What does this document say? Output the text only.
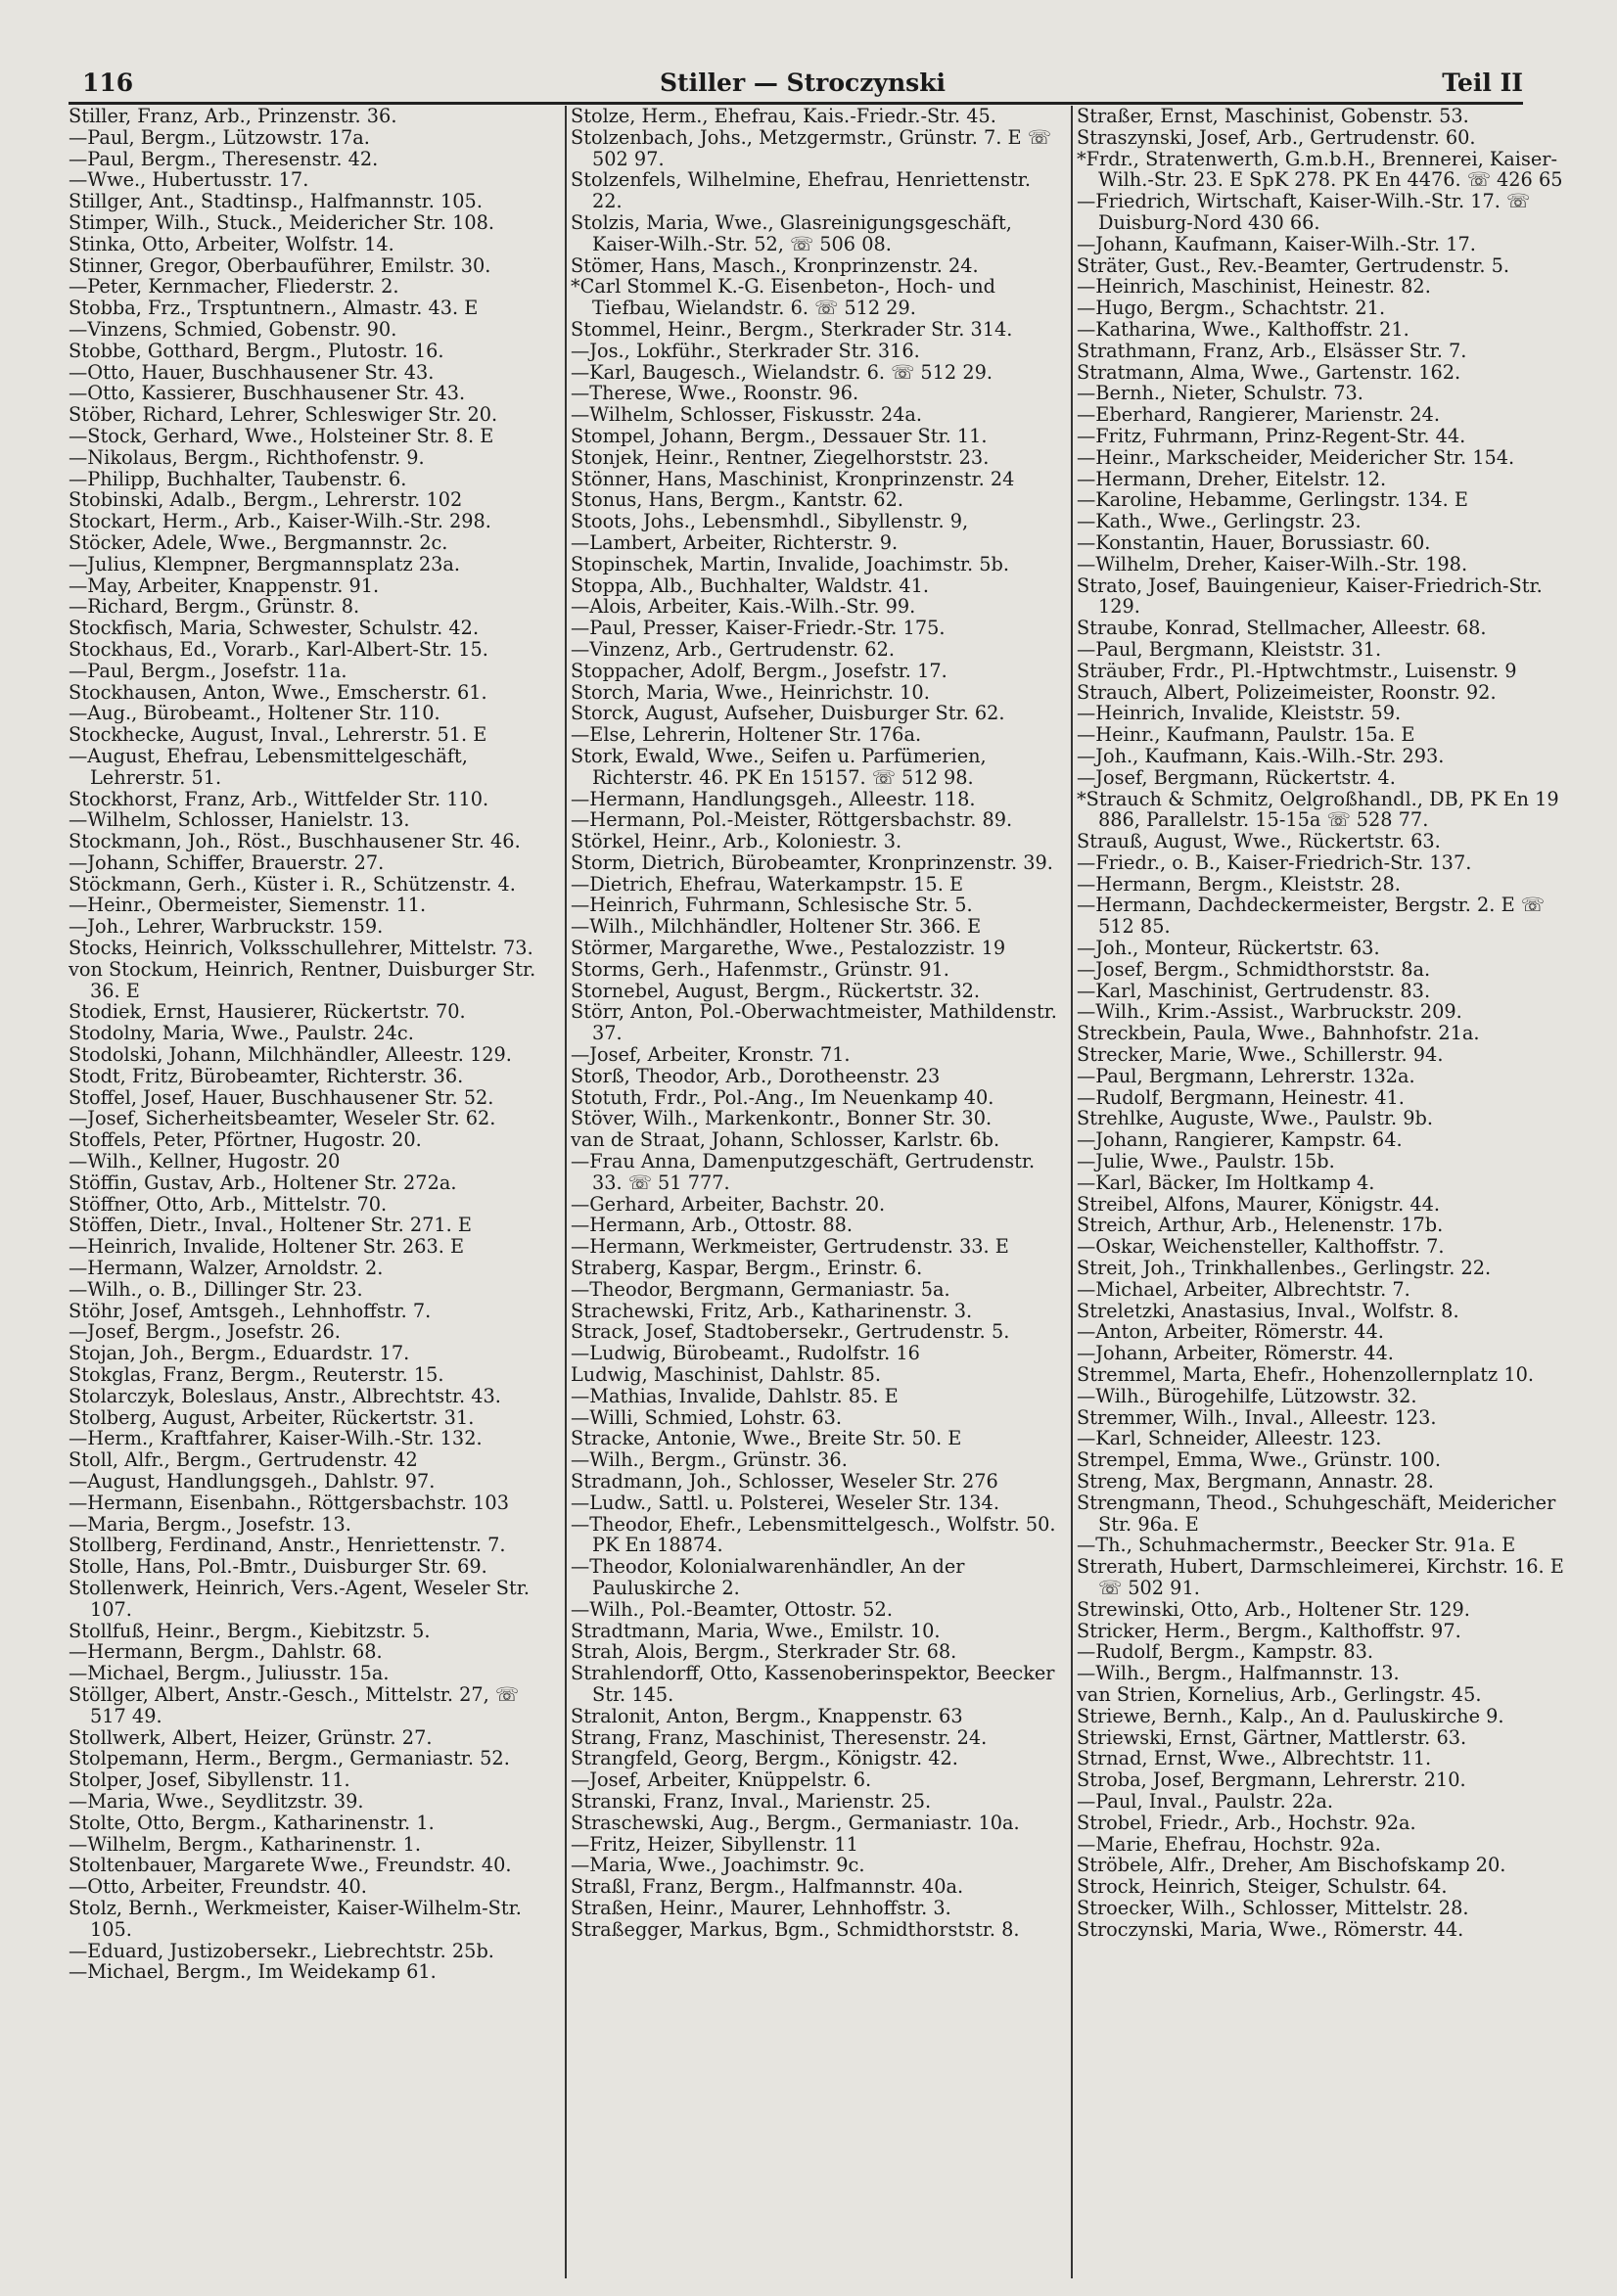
116	Stiller — Stroczynski	Teil II
Stiller, Franz, Arb., Prinzenstr. 36.
—Paul, Bergm., Lützowstr. 17a.
—Paul, Bergm., Theresenstr. 42.
—Wwe., Hubertusstr. 17.
Stillger, Ant., Stadtinsp., Halfmannstr. 105.
Stimper, Wilh., Stuck., Meidericher Str. 108.
Stinka, Otto, Arbeiter, Wolfstr. 14.
Stinner, Gregor, Oberbauführer, Emilstr. 30.
—Peter, Kernmacher, Fliederstr. 2.
Stobba, Frz., Trsptuntnern., Almastr. 43. E
—Vinzens, Schmied, Gobenstr. 90.
Stobbe, Gotthard, Bergm., Plutostr. 16.
—Otto, Hauer, Buschhausener Str. 43.
—Otto, Kassierer, Buschhausener Str. 43.
Stöber, Richard, Lehrer, Schleswiger Str. 20.
—Stock, Gerhard, Wwe., Holsteiner Str. 8. E
—Nikolaus, Bergm., Richthofenstr. 9.
—Philipp, Buchhalter, Taubenstr. 6.
Stobinski, Adalb., Bergm., Lehrerstr. 102
Stockart, Herm., Arb., Kaiser-Wilh.-Str. 298.
Stöcker, Adele, Wwe., Bergmannstr. 2c.
—Julius, Klempner, Bergmannsplatz 23a.
—May, Arbeiter, Knappenstr. 91.
—Richard, Bergm., Grünstr. 8.
Stockfisch, Maria, Schwester, Schulstr. 42.
Stockhaus, Ed., Vorarb., Karl-Albert-Str. 15.
—Paul, Bergm., Josefstr. 11a.
Stockhausen, Anton, Wwe., Emscherstr. 61.
—Aug., Bürobeamt., Holtener Str. 110.
Stockhecke, August, Inval., Lehrerstr. 51. E
—August, Ehefrau, Lebensmittelgeschäft, Lehrerstr. 51.
Stockhorst, Franz, Arb., Wittfelder Str. 110.
—Wilhelm, Schlosser, Hanielstr. 13.
Stockmann, Joh., Röst., Buschhausener Str. 46.
—Johann, Schiffer, Brauerstr. 27.
Stöckmann, Gerh., Küster i. R., Schützenstr. 4.
—Heinr., Obermeister, Siemenstr. 11.
—Joh., Lehrer, Warbruckstr. 159.
Stocks, Heinrich, Volksschullehrer, Mittelstr. 73.
von Stockum, Heinrich, Rentner, Duisburger Str. 36. E
Stodiek, Ernst, Hausierer, Rückertstr. 70.
Stodolny, Maria, Wwe., Paulstr. 24c.
Stodolski, Johann, Milchhändler, Alleestr. 129.
Stodt, Fritz, Bürobeamter, Richterstr. 36.
Stoffel, Josef, Hauer, Buschhausener Str. 52.
—Josef, Sicherheitsbeamter, Weseler Str. 62.
Stoffels, Peter, Pförtner, Hugostr. 20.
—Wilh., Kellner, Hugostr. 20
Stöffin, Gustav, Arb., Holtener Str. 272a.
Stöffner, Otto, Arb., Mittelstr. 70.
Stöffen, Dietr., Inval., Holtener Str. 271. E
—Heinrich, Invalide, Holtener Str. 263. E
—Hermann, Walzer, Arnoldstr. 2.
—Wilh., o. B., Dillinger Str. 23.
Stöhr, Josef, Amtsgeh., Lehnhoffstr. 7.
—Josef, Bergm., Josefstr. 26.
Stojan, Joh., Bergm., Eduardstr. 17.
Stokglas, Franz, Bergm., Reuterstr. 15.
Stolarczyk, Boleslaus, Anstr., Albrechtstr. 43.
Stolberg, August, Arbeiter, Rückertstr. 31.
—Herm., Kraftfahrer, Kaiser-Wilh.-Str. 132.
Stoll, Alfr., Bergm., Gertrudenstr. 42
—August, Handlungsgeh., Dahlstr. 97.
—Hermann, Eisenbahn., Röttgersbachstr. 103
—Maria, Bergm., Josefstr. 13.
Stollberg, Ferdinand, Anstr., Henriettenstr. 7.
Stolle, Hans, Pol.-Bmtr., Duisburger Str. 69.
Stollenwerk, Heinrich, Vers.-Agent, Weseler Str. 107.
Stollfuß, Heinr., Bergm., Kiebitzstr. 5.
—Hermann, Bergm., Dahlstr. 68.
—Michael, Bergm., Juliusstr. 15a.
Stöllger, Albert, Anstr.-Gesch., Mittelstr. 27, ☏ 517 49.
Stollwerk, Albert, Heizer, Grünstr. 27.
Stolpemann, Herm., Bergm., Germaniastr. 52.
Stolper, Josef, Sibyllenstr. 11.
—Maria, Wwe., Seydlitzstr. 39.
Stolte, Otto, Bergm., Katharinenstr. 1.
—Wilhelm, Bergm., Katharinenstr. 1.
Stoltenbauer, Margarete Wwe., Freundstr. 40.
—Otto, Arbeiter, Freundstr. 40.
Stolz, Bernh., Werkmeister, Kaiser-Wilhelm-Str. 105.
—Eduard, Justizobersekr., Liebrechtstr. 25b.
—Michael, Bergm., Im Weidekamp 61.
Stolze, Herm., Ehefrau, Kais.-Friedr.-Str. 45.
Stolzenbach, Johs., Metzgermstr., Grünstr. 7. E ☏ 502 97.
Stolzenfels, Wilhelmine, Ehefrau, Henriettenstr. 22.
Stolzis, Maria, Wwe., Glasreinigungsgeschäft, Kaiser-Wilh.-Str. 52, ☏ 506 08.
Stömer, Hans, Masch., Kronprinzenstr. 24.
*Carl Stommel K.-G. Eisenbeton-, Hoch- und Tiefbau, Wielandstr. 6. ☏ 512 29.
Stommel, Heinr., Bergm., Sterkrader Str. 314.
—Jos., Lokführ., Sterkrader Str. 316.
—Karl, Baugesch., Wielandstr. 6. ☏ 512 29.
—Therese, Wwe., Roonstr. 96.
—Wilhelm, Schlosser, Fiskusstr. 24a.
Stompel, Johann, Bergm., Dessauer Str. 11.
Stonjek, Heinr., Rentner, Ziegelhorststr. 23.
Stönner, Hans, Maschinist, Kronprinzenstr. 24
Stonus, Hans, Bergm., Kantstr. 62.
Stoots, Johs., Lebensmhdl., Sibyllenstr. 9,
—Lambert, Arbeiter, Richterstr. 9.
Stopinschek, Martin, Invalide, Joachimstr. 5b.
Stoppa, Alb., Buchhalter, Waldstr. 41.
—Alois, Arbeiter, Kais.-Wilh.-Str. 99.
—Paul, Presser, Kaiser-Friedr.-Str. 175.
—Vinzenz, Arb., Gertrudenstr. 62.
Stoppacher, Adolf, Bergm., Josefstr. 17.
Storch, Maria, Wwe., Heinrichstr. 10.
Storck, August, Aufseher, Duisburger Str. 62.
—Else, Lehrerin, Holtener Str. 176a.
Stork, Ewald, Wwe., Seifen u. Parfümerien, Richterstr. 46. PK En 15157. ☏ 512 98.
—Hermann, Handlungsgeh., Alleestr. 118.
—Hermann, Pol.-Meister, Röttgersbachstr. 89.
Störkel, Heinr., Arb., Koloniestr. 3.
Storm, Dietrich, Bürobeamter, Kronprinzenstr. 39.
—Dietrich, Ehefrau, Waterkampstr. 15. E
—Heinrich, Fuhrmann, Schlesische Str. 5.
—Wilh., Milchhändler, Holtener Str. 366. E
Störmer, Margarethe, Wwe., Pestalozzistr. 19
Storms, Gerh., Hafenmstr., Grünstr. 91.
Stornebel, August, Bergm., Rückertstr. 32.
Störr, Anton, Pol.-Oberwachtmeister, Mathildenstr. 37.
—Josef, Arbeiter, Kronstr. 71.
Storß, Theodor, Arb., Dorotheenstr. 23
Stotuth, Frdr., Pol.-Ang., Im Neuenkamp 40.
Stöver, Wilh., Markenkontr., Bonner Str. 30.
van de Straat, Johann, Schlosser, Karlstr. 6b.
—Frau Anna, Damenputzgeschäft, Gertrudenstr. 33. ☏ 51 777.
—Gerhard, Arbeiter, Bachstr. 20.
—Hermann, Arb., Ottostr. 88.
—Hermann, Werkmeister, Gertrudenstr. 33. E
Straberg, Kaspar, Bergm., Erinstr. 6.
—Theodor, Bergmann, Germaniastr. 5a.
Strachewski, Fritz, Arb., Katharinenstr. 3.
Strack, Josef, Stadtobersekr., Gertrudenstr. 5.
—Ludwig, Bürobeamt., Rudolfstr. 16
Ludwig, Maschinist, Dahlstr. 85.
—Mathias, Invalide, Dahlstr. 85. E
—Willi, Schmied, Lohstr. 63.
Stracke, Antonie, Wwe., Breite Str. 50. E
—Wilh., Bergm., Grünstr. 36.
Stradmann, Joh., Schlosser, Weseler Str. 276
—Ludw., Sattl. u. Polsterei, Weseler Str. 134.
—Theodor, Ehefr., Lebensmittelgesch., Wolfstr. 50. PK En 18874.
—Theodor, Kolonialwarenhändler, An der Pauluskirche 2.
—Wilh., Pol.-Beamter, Ottostr. 52.
Stradtmann, Maria, Wwe., Emilstr. 10.
Strah, Alois, Bergm., Sterkrader Str. 68.
Strahlendorff, Otto, Kassenoberinspektor, Beecker Str. 145.
Stralonit, Anton, Bergm., Knappenstr. 63
Strang, Franz, Maschinist, Theresenstr. 24.
Strangfeld, Georg, Bergm., Königstr. 42.
—Josef, Arbeiter, Knüppelstr. 6.
Stranski, Franz, Inval., Marienstr. 25.
Straschewski, Aug., Bergm., Germaniastr. 10a.
—Fritz, Heizer, Sibyllenstr. 11
—Maria, Wwe., Joachimstr. 9c.
Straßl, Franz, Bergm., Halfmannstr. 40a.
Straßen, Heinr., Maurer, Lehnhoffstr. 3.
Straßegger, Markus, Bgm., Schmidthorststr. 8.
Straßer, Ernst, Maschinist, Gobenstr. 53.
Straszynski, Josef, Arb., Gertrudenstr. 60.
*Frdr., Stratenwerth, G.m.b.H., Brennerei, Kaiser-Wilh.-Str. 23. E SpK 278. PK En 4476. ☏ 426 65
—Friedrich, Wirtschaft, Kaiser-Wilh.-Str. 17. ☏ Duisburg-Nord 430 66.
—Johann, Kaufmann, Kaiser-Wilh.-Str. 17.
Sträter, Gust., Rev.-Beamter, Gertrudenstr. 5.
—Heinrich, Maschinist, Heinestr. 82.
—Hugo, Bergm., Schachtstr. 21.
—Katharina, Wwe., Kalthoffstr. 21.
Strathmann, Franz, Arb., Elsässer Str. 7.
Stratmann, Alma, Wwe., Gartenstr. 162.
—Bernh., Nieter, Schulstr. 73.
—Eberhard, Rangierer, Marienstr. 24.
—Fritz, Fuhrmann, Prinz-Regent-Str. 44.
—Heinr., Markscheider, Meidericher Str. 154.
—Hermann, Dreher, Eitelstr. 12.
—Karoline, Hebamme, Gerlingstr. 134. E
—Kath., Wwe., Gerlingstr. 23.
—Konstantin, Hauer, Borussiastr. 60.
—Wilhelm, Dreher, Kaiser-Wilh.-Str. 198.
Strato, Josef, Bauingenieur, Kaiser-Friedrich-Str. 129.
Straube, Konrad, Stellmacher, Alleestr. 68.
—Paul, Bergmann, Kleiststr. 31.
Sträuber, Frdr., Pl.-Hptwchtmstr., Luisenstr. 9
Strauch, Albert, Polizeimeister, Roonstr. 92.
—Heinrich, Invalide, Kleiststr. 59.
—Heinr., Kaufmann, Paulstr. 15a. E
—Joh., Kaufmann, Kais.-Wilh.-Str. 293.
—Josef, Bergmann, Rückertstr. 4.
*Strauch & Schmitz, Oelgroßhandl., DB, PK En 19 886, Parallelstr. 15-15a ☏ 528 77.
Strauß, August, Wwe., Rückertstr. 63.
—Friedr., o. B., Kaiser-Friedrich-Str. 137.
—Hermann, Bergm., Kleiststr. 28.
—Hermann, Dachdeckermeister, Bergstr. 2. E ☏ 512 85.
—Joh., Monteur, Rückertstr. 63.
—Josef, Bergm., Schmidthorststr. 8a.
—Karl, Maschinist, Gertrudenstr. 83.
—Wilh., Krim.-Assist., Warbruckstr. 209.
Streckbein, Paula, Wwe., Bahnhofstr. 21a.
Strecker, Marie, Wwe., Schillerstr. 94.
—Paul, Bergmann, Lehrerstr. 132a.
—Rudolf, Bergmann, Heinestr. 41.
Strehlke, Auguste, Wwe., Paulstr. 9b.
—Johann, Rangierer, Kampstr. 64.
—Julie, Wwe., Paulstr. 15b.
—Karl, Bäcker, Im Holtkamp 4.
Streibel, Alfons, Maurer, Königstr. 44.
Streich, Arthur, Arb., Helenenstr. 17b.
—Oskar, Weichensteller, Kalthoffstr. 7.
Streit, Joh., Trinkhallenbes., Gerlingstr. 22.
—Michael, Arbeiter, Albrechtstr. 7.
Streletzki, Anastasius, Inval., Wolfstr. 8.
—Anton, Arbeiter, Römerstr. 44.
—Johann, Arbeiter, Römerstr. 44.
Stremmel, Marta, Ehefr., Hohenzollernplatz 10.
—Wilh., Bürogehilfe, Lützowstr. 32.
Stremmer, Wilh., Inval., Alleestr. 123.
—Karl, Schneider, Alleestr. 123.
Strempel, Emma, Wwe., Grünstr. 100.
Streng, Max, Bergmann, Annastr. 28.
Strengmann, Theod., Schuhgeschäft, Meidericher Str. 96a. E
—Th., Schuhmachermstr., Beecker Str. 91a. E
Strerath, Hubert, Darmschleimerei, Kirchstr. 16. E ☏ 502 91.
Strewinski, Otto, Arb., Holtener Str. 129.
Stricker, Herm., Bergm., Kalthoffstr. 97.
—Rudolf, Bergm., Kampstr. 83.
—Wilh., Bergm., Halfmannstr. 13.
van Strien, Kornelius, Arb., Gerlingstr. 45.
Striewe, Bernh., Kalp., An d. Pauluskirche 9.
Striewski, Ernst, Gärtner, Mattlerstr. 63.
Strnad, Ernst, Wwe., Albrechtstr. 11.
Stroba, Josef, Bergmann, Lehrerstr. 210.
—Paul, Inval., Paulstr. 22a.
Strobel, Friedr., Arb., Hochstr. 92a.
—Marie, Ehefrau, Hochstr. 92a.
Ströbele, Alfr., Dreher, Am Bischofskamp 20.
Strock, Heinrich, Steiger, Schulstr. 64.
Stroecker, Wilh., Schlosser, Mittelstr. 28.
Stroczynski, Maria, Wwe., Römerstr. 44.
